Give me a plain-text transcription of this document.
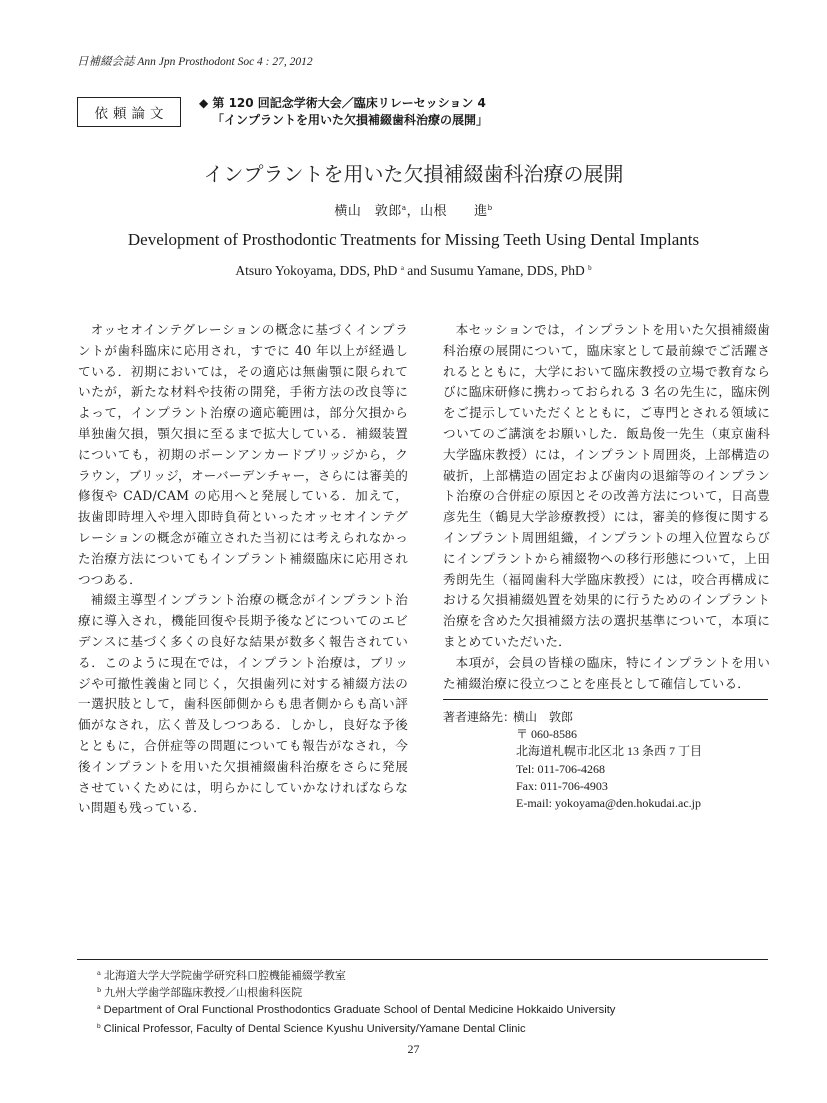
日補綴会誌 Ann Jpn Prosthodont Soc 4 : 27, 2012
依頼論文
◆ 第 120 回記念学術大会／臨床リレーセッション 4
「インプラントを用いた欠損補綴歯科治療の展開」
インプラントを用いた欠損補綴歯科治療の展開
横山　敦郎$^a$，山根　　進$^b$
Development of Prosthodontic Treatments for Missing Teeth Using Dental Implants
Atsuro Yokoyama, DDS, PhD $^a$ and Susumu Yamane, DDS, PhD $^b$

オッセオインテグレーションの概念に基づくインプラントが歯科臨床に応用され，すでに 40 年以上が経過している．初期においては，その適応は無歯顎に限られていたが，新たな材料や技術の開発，手術方法の改良等によって，インプラント治療の適応範囲は，部分欠損から単独歯欠損，顎欠損に至るまで拡大している．補綴装置についても，初期のボーンアンカードブリッジから，クラウン，ブリッジ，オーバーデンチャー，さらには審美的修復や CAD/CAM の応用へと発展している．加えて，抜歯即時埋入や埋入即時負荷といったオッセオインテグレーションの概念が確立された当初には考えられなかった治療方法についてもインプラント補綴臨床に応用されつつある．

補綴主導型インプラント治療の概念がインプラント治療に導入され，機能回復や長期予後などについてのエビデンスに基づく多くの良好な結果が数多く報告されている．このように現在では，インプラント治療は，ブリッジや可撤性義歯と同じく，欠損歯列に対する補綴方法の一選択肢として，歯科医師側からも患者側からも高い評価がなされ，広く普及しつつある．しかし，良好な予後とともに，合併症等の問題についても報告がなされ，今後インプラントを用いた欠損補綴歯科治療をさらに発展させていくためには，明らかにしていかなければならない問題も残っている．

本セッションでは，インプラントを用いた欠損補綴歯科治療の展開について，臨床家として最前線でご活躍されるとともに，大学において臨床教授の立場で教育ならびに臨床研修に携わっておられる 3 名の先生に，臨床例をご提示していただくとともに，ご専門とされる領域についてのご講演をお願いした．飯島俊一先生（東京歯科大学臨床教授）には，インプラント周囲炎，上部構造の破折，上部構造の固定および歯肉の退縮等のインプラント治療の合併症の原因とその改善方法について，日高豊彦先生（鶴見大学診療教授）には，審美的修復に関するインプラント周囲組織，インプラントの埋入位置ならびにインプラントから補綴物への移行形態について，上田秀朗先生（福岡歯科大学臨床教授）には，咬合再構成における欠損補綴処置を効果的に行うためのインプラント治療を含めた欠損補綴方法の選択基準について，本項にまとめていただいた．

本項が，会員の皆様の臨床，特にインプラントを用いた補綴治療に役立つことを座長として確信している．

著者連絡先：
横山　敦郎
〒 060-8586
北海道札幌市北区北 13 条西 7 丁目
Tel: 011-706-4268
Fax: 011-706-4903
E-mail: yokoyama@den.hokudai.ac.jp
$^a$ 北海道大学大学院歯学研究科口腔機能補綴学教室
$^b$ 九州大学歯学部臨床教授／山根歯科医院
$^a$ Department of Oral Functional Prosthodontics Graduate School of Dental Medicine Hokkaido University
$^b$ Clinical Professor, Faculty of Dental Science Kyushu University/Yamane Dental Clinic
27
